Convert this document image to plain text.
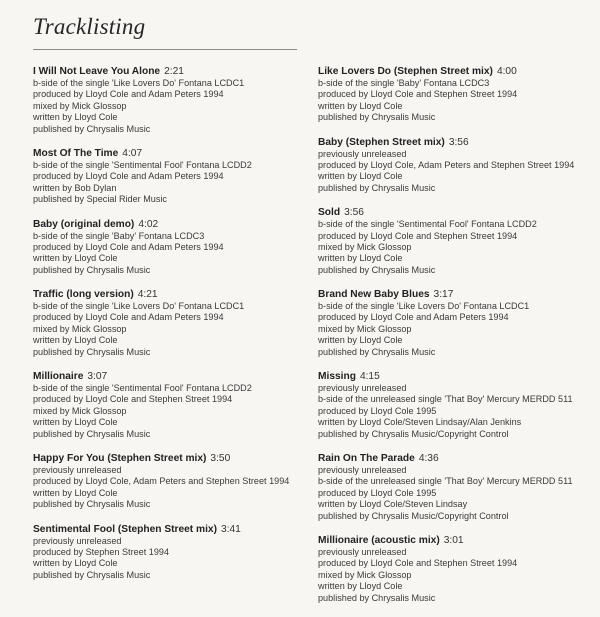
Tracklisting
I Will Not Leave You Alone 2:21
b-side of the single 'Like Lovers Do' Fontana LCDC1
produced by Lloyd Cole and Adam Peters 1994
mixed by Mick Glossop
written by Lloyd Cole
published by Chrysalis Music
Most Of The Time 4:07
b-side of the single 'Sentimental Fool' Fontana LCDD2
produced by Lloyd Cole and Adam Peters 1994
written by Bob Dylan
published by Special Rider Music
Baby (original demo) 4:02
b-side of the single 'Baby' Fontana LCDC3
produced by Lloyd Cole and Adam Peters 1994
written by Lloyd Cole
published by Chrysalis Music
Traffic (long version) 4:21
b-side of the single 'Like Lovers Do' Fontana LCDC1
produced by Lloyd Cole and Adam Peters 1994
mixed by Mick Glossop
written by Lloyd Cole
published by Chrysalis Music
Millionaire 3:07
b-side of the single 'Sentimental Fool' Fontana LCDD2
produced by Lloyd Cole and Stephen Street 1994
mixed by Mick Glossop
written by Lloyd Cole
published by Chrysalis Music
Happy For You (Stephen Street mix) 3:50
previously unreleased
produced by Lloyd Cole, Adam Peters and Stephen Street 1994
written by Lloyd Cole
published by Chrysalis Music
Sentimental Fool (Stephen Street mix) 3:41
previously unreleased
produced by Stephen Street 1994
written by Lloyd Cole
published by Chrysalis Music
Like Lovers Do (Stephen Street mix) 4:00
b-side of the single 'Baby' Fontana LCDC3
produced by Lloyd Cole and Stephen Street 1994
written by Lloyd Cole
published by Chrysalis Music
Baby (Stephen Street mix) 3:56
previously unreleased
produced by Lloyd Cole, Adam Peters and Stephen Street 1994
written by Lloyd Cole
published by Chrysalis Music
Sold 3:56
b-side of the single 'Sentimental Fool' Fontana LCDD2
produced by Lloyd Cole and Stephen Street 1994
mixed by Mick Glossop
written by Lloyd Cole
published by Chrysalis Music
Brand New Baby Blues 3:17
b-side of the single 'Like Lovers Do' Fontana LCDC1
produced by Lloyd Cole and Adam Peters 1994
mixed by Mick Glossop
written by Lloyd Cole
published by Chrysalis Music
Missing 4:15
previously unreleased
b-side of the unreleased single 'That Boy' Mercury MERDD 511
produced by Lloyd Cole 1995
written by Lloyd Cole/Steven Lindsay/Alan Jenkins
published by Chrysalis Music/Copyright Control
Rain On The Parade 4:36
previously unreleased
b-side of the unreleased single 'That Boy' Mercury MERDD 511
produced by Lloyd Cole 1995
written by Lloyd Cole/Steven Lindsay
published by Chrysalis Music/Copyright Control
Millionaire (acoustic mix) 3:01
previously unreleased
produced by Lloyd Cole and Stephen Street 1994
mixed by Mick Glossop
written by Lloyd Cole
published by Chrysalis Music
